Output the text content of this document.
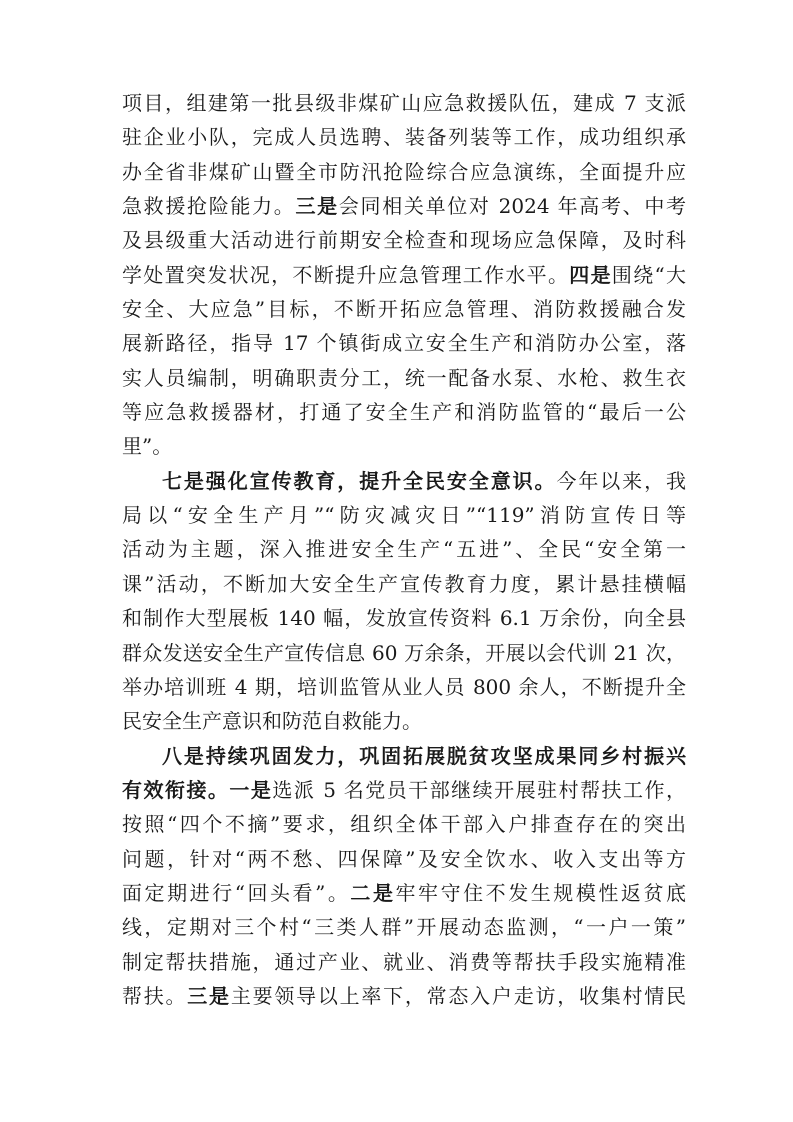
项目，组建第一批县级非煤矿山应急救援队伍，建成 7 支派
驻企业小队，完成人员选聘、装备列装等工作，成功组织承
办全省非煤矿山暨全市防汛抢险综合应急演练，全面提升应
急救援抢险能力。三是会同相关单位对 2024 年高考、中考
及县级重大活动进行前期安全检查和现场应急保障，及时科
学处置突发状况，不断提升应急管理工作水平。四是围绕“大
安全、大应急”目标，不断开拓应急管理、消防救援融合发
展新路径，指导 17 个镇街成立安全生产和消防办公室，落
实人员编制，明确职责分工，统一配备水泵、水枪、救生衣
等应急救援器材，打通了安全生产和消防监管的“最后一公
里”。
七是强化宣传教育，提升全民安全意识。今年以来，我
局以“安全生产月”“防灾减灾日”“119”消防宣传日等
活动为主题，深入推进安全生产“五进”、全民“安全第一
课”活动，不断加大安全生产宣传教育力度，累计悬挂横幅
和制作大型展板 140 幅，发放宣传资料 6.1 万余份，向全县
群众发送安全生产宣传信息 60 万余条，开展以会代训 21 次，
举办培训班 4 期，培训监管从业人员 800 余人，不断提升全
民安全生产意识和防范自救能力。
八是持续巩固发力，巩固拓展脱贫攻坚成果同乡村振兴
有效衔接。一是选派 5 名党员干部继续开展驻村帮扶工作，
按照“四个不摘”要求，组织全体干部入户排查存在的突出
问题，针对“两不愁、四保障”及安全饮水、收入支出等方
面定期进行“回头看”。二是牢牢守住不发生规模性返贫底
线，定期对三个村“三类人群”开展动态监测，“一户一策”
制定帮扶措施，通过产业、就业、消费等帮扶手段实施精准
帮扶。三是主要领导以上率下，常态入户走访，收集村情民
